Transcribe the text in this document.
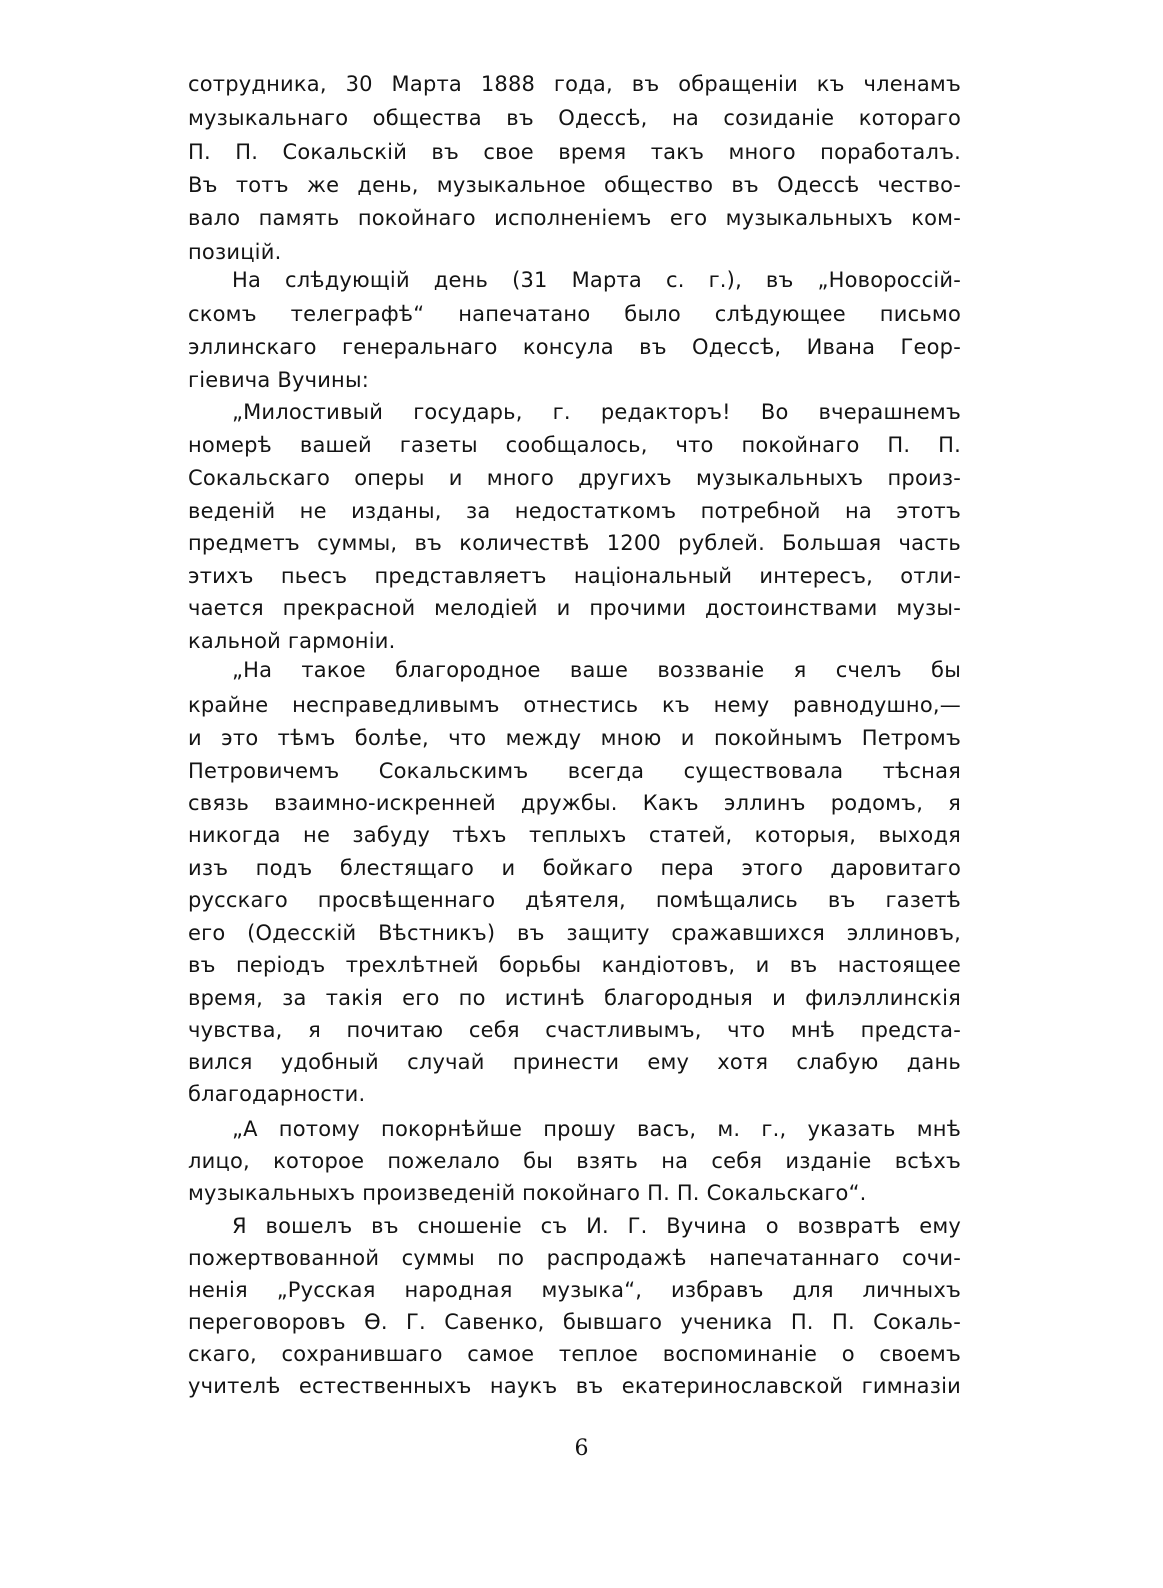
сотрудника, 30 Марта 1888 года, въ обращеніи къ членамъ

музыкальнаго общества въ Одессѣ, на созиданіе котораго

П. П. Сокальскій въ свое время такъ много поработалъ.

Въ тотъ же день, музыкальное общество въ Одессѣ чество-

вало память покойнаго исполненіемъ его музыкальныхъ ком-

позицій.

На слѣдующій день (31 Марта с. г.), въ „Новороссій-

скомъ телеграфѣ“ напечатано было слѣдующее письмо

эллинскаго генеральнаго консула въ Одессѣ, Ивана Геор-

гіевича Вучины:

„Милостивый государь, г. редакторъ! Во вчерашнемъ

номерѣ вашей газеты сообщалось, что покойнаго П. П.

Сокальскаго оперы и много другихъ музыкальныхъ произ-

веденій не изданы, за недостаткомъ потребной на этотъ

предметъ суммы, въ количествѣ 1200 рублей. Большая часть

этихъ пьесъ представляетъ національный интересъ, отли-

чается прекрасной мелодіей и прочими достоинствами музы-

кальной гармоніи.

„На такое благородное ваше воззваніе я счелъ бы

крайне несправедливымъ отнестись къ нему равнодушно,—

и это тѣмъ болѣе, что между мною и покойнымъ Петромъ

Петровичемъ Сокальскимъ всегда существовала тѣсная

связь взаимно-искренней дружбы. Какъ эллинъ родомъ, я

никогда не забуду тѣхъ теплыхъ статей, которыя, выходя

изъ подъ блестящаго и бойкаго пера этого даровитаго

русскаго просвѣщеннаго дѣятеля, помѣщались въ газетѣ

его (Одесскій Вѣстникъ) въ защиту сражавшихся эллиновъ,

въ періодъ трехлѣтней борьбы кандіотовъ, и въ настоящее

время, за такія его по истинѣ благородныя и филэллинскія

чувства, я почитаю себя счастливымъ, что мнѣ предста-

вился удобный случай принести ему хотя слабую дань

благодарности.

„А потому покорнѣйше прошу васъ, м. г., указать мнѣ

лицо, которое пожелало бы взять на себя изданіе всѣхъ

музыкальныхъ произведеній покойнаго П. П. Сокальскаго“.

Я вошелъ въ сношеніе съ И. Г. Вучина о возвратѣ ему

пожертвованной суммы по распродажѣ напечатаннаго сочи-

ненія „Русская народная музыка“, избравъ для личныхъ

переговоровъ Ѳ. Г. Савенко, бывшаго ученика П. П. Сокаль-

скаго, сохранившаго самое теплое воспоминаніе о своемъ

учителѣ естественныхъ наукъ въ екатеринославской гимназіи

6
